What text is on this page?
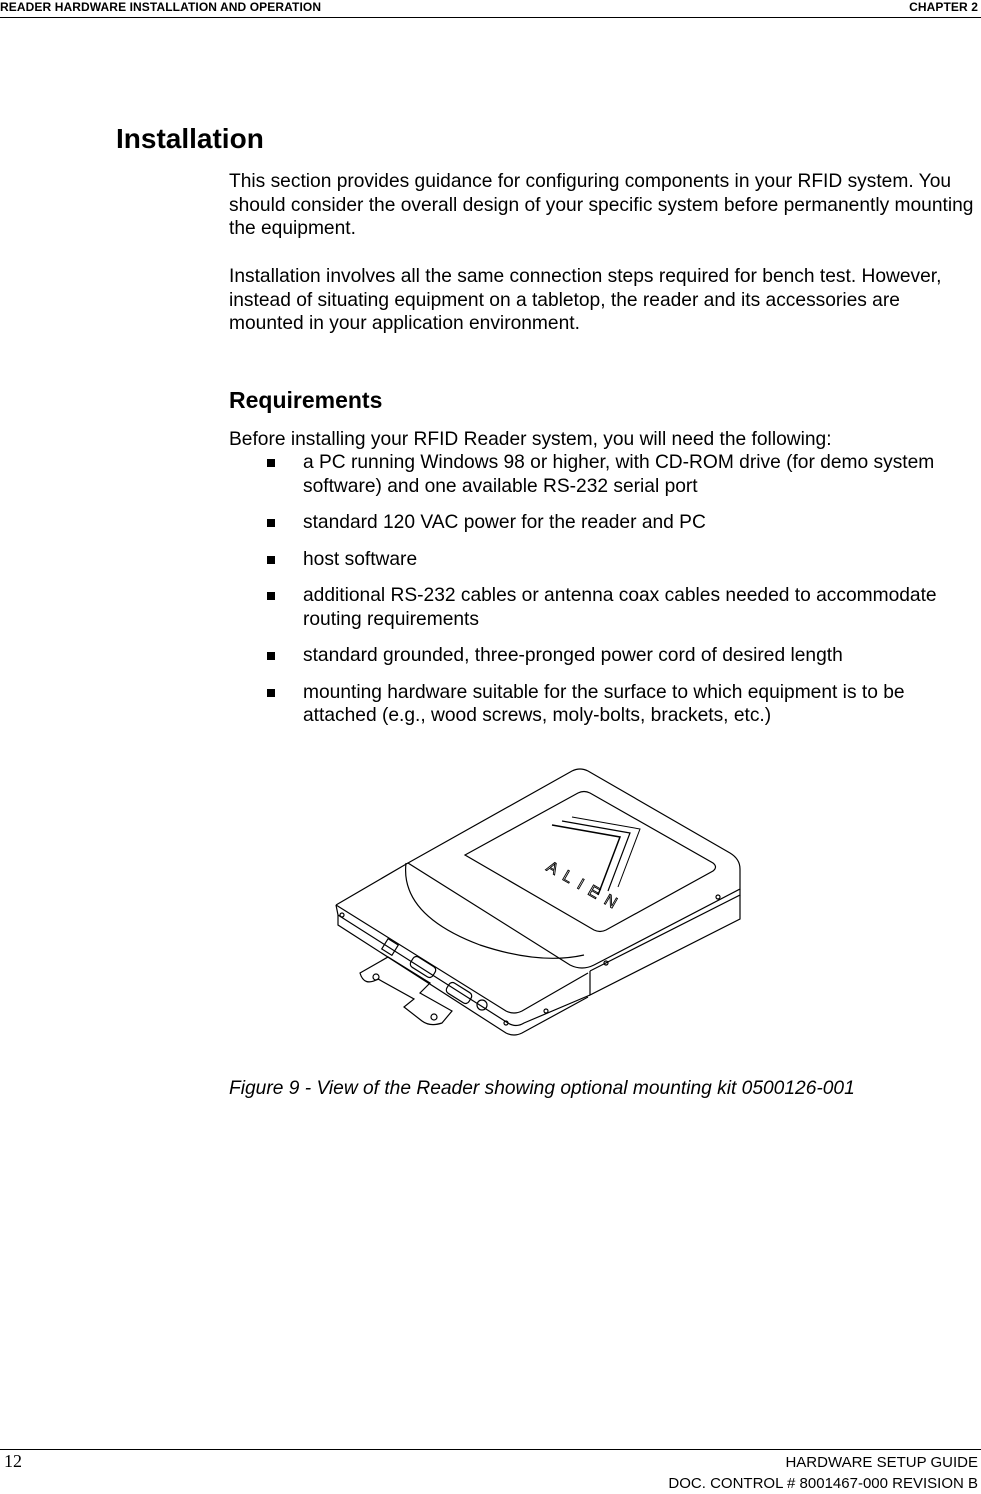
READER HARDWARE INSTALLATION AND OPERATION	CHAPTER 2
Installation

This section provides guidance for configuring components in your RFID system. You should consider the overall design of your specific system before permanently mounting the equipment.

Installation involves all the same connection steps required for bench test. However, instead of situating equipment on a tabletop, the reader and its accessories are mounted in your application environment.

Requirements

Before installing your RFID Reader system, you will need the following:

a PC running Windows 98 or higher, with CD-ROM drive (for demo system software) and one available RS-232 serial port
standard 120 VAC power for the reader and PC
host software
additional RS-232 cables or antenna coax cables needed to accommodate routing requirements
standard grounded, three-pronged power cord of desired length
mounting hardware suitable for the surface to which equipment is to be attached (e.g., wood screws, moly-bolts, brackets, etc.)
ALIEN
Figure 9 - View of the Reader showing optional mounting kit 0500126-001
12	HARDWARE SETUP GUIDE
DOC. CONTROL # 8001467-000 REVISION B
